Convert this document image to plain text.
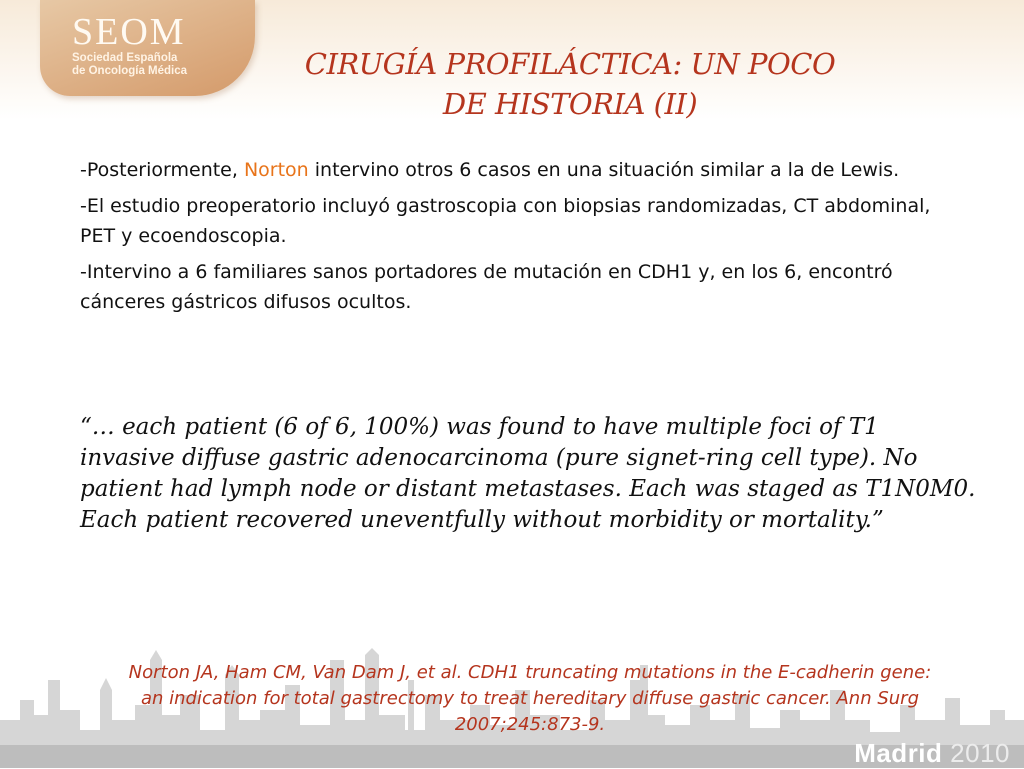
SEOM
Sociedad Española
de Oncología Médica	CIRUGÍA PROFILÁCTICA: UN POCO
DE HISTORIA (II)

-Posteriormente, Norton intervino otros 6 casos en una situación similar a la de Lewis.

-El estudio preoperatorio incluyó gastroscopia con biopsias randomizadas, CT abdominal, PET y ecoendoscopia.

-Intervino a 6 familiares sanos portadores de mutación en CDH1 y, en los 6, encontró cánceres gástricos difusos ocultos.

“… each patient (6 of 6, 100%) was found to have multiple foci of T1 invasive diffuse gastric adenocarcinoma (pure signet-ring cell type). No patient had lymph node or distant metastases. Each was staged as T1N0M0. Each patient recovered uneventfully without morbidity or mortality.”
Norton JA, Ham CM, Van Dam J, et al. CDH1 truncating mutations in the E-cadherin gene:
an indication for total gastrectomy to treat hereditary diffuse gastric cancer. Ann Surg
2007;245:873-9.
Madrid 2010
